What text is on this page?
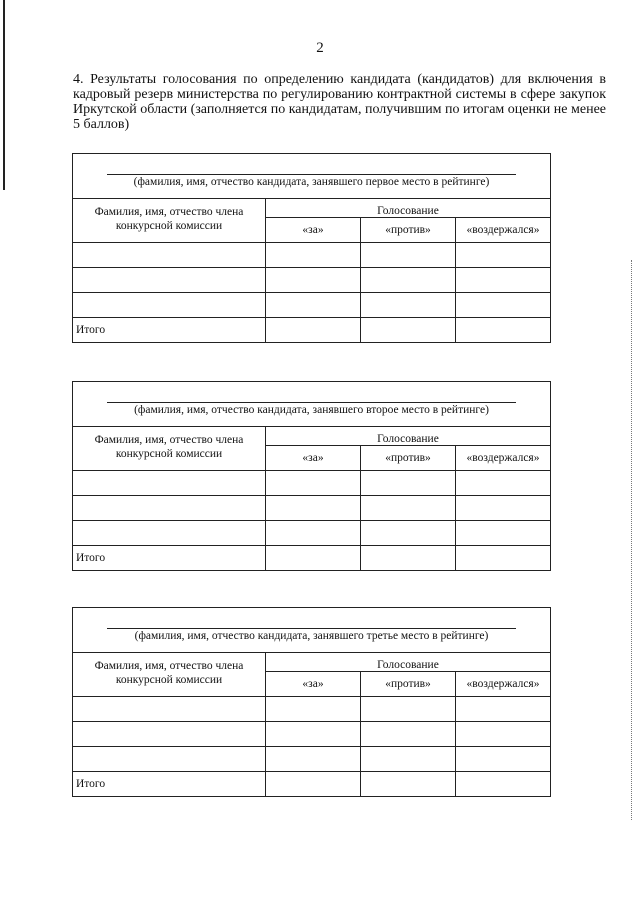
2

4. Результаты голосования по определению кандидата (кандидатов) для включения в кадровый резерв министерства по регулированию контрактной системы в сфере закупок Иркутской области (заполняется по кандидатам, получившим по итогам оценки не менее 5 баллов)

(фамилия, имя, отчество кандидата, занявшего первое место в рейтинге)			

Фамилия, имя, отчество члена конкурсной комиссии	Голосование		
	«за»	«против»	«воздержался»

Итого			
(фамилия, имя, отчество кандидата, занявшего второе место в рейтинге)			

Фамилия, имя, отчество члена конкурсной комиссии	Голосование		
	«за»	«против»	«воздержался»

Итого			
(фамилия, имя, отчество кандидата, занявшего третье место в рейтинге)			

Фамилия, имя, отчество члена конкурсной комиссии	Голосование		
	«за»	«против»	«воздержался»

Итого			
